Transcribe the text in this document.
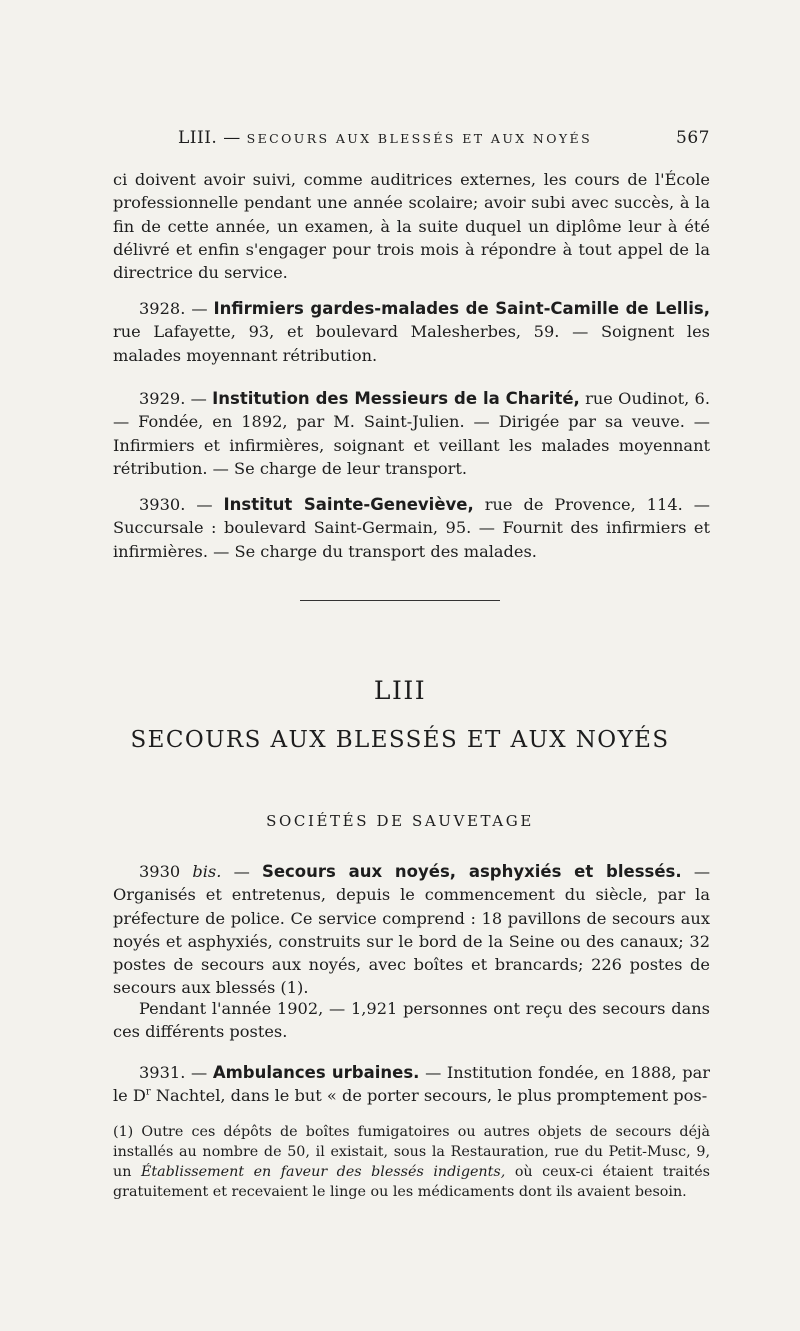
LIII. — SECOURS AUX BLESSÉS ET AUX NOYÉS	567

ci doivent avoir suivi, comme auditrices externes, les cours de l'École professionnelle pendant une année scolaire; avoir subi avec succès, à la fin de cette année, un examen, à la suite duquel un diplôme leur à été délivré et enfin s'engager pour trois mois à répondre à tout appel de la directrice du service.

3928. — Infirmiers gardes-malades de Saint-Camille de Lellis, rue Lafayette, 93, et boulevard Malesherbes, 59. — Soignent les malades moyennant rétribution.

3929. — Institution des Messieurs de la Charité, rue Oudinot, 6. — Fondée, en 1892, par M. Saint-Julien. — Dirigée par sa veuve. — Infirmiers et infirmières, soignant et veillant les malades moyennant rétribution. — Se charge de leur transport.

3930. — Institut Sainte-Geneviève, rue de Provence, 114. — Succursale : boulevard Saint-Germain, 95. — Fournit des infirmiers et infirmières. — Se charge du transport des malades.

LIII
SECOURS AUX BLESSÉS ET AUX NOYÉS
SOCIÉTÉS DE SAUVETAGE

3930 bis. — Secours aux noyés, asphyxiés et blessés. — Organisés et entretenus, depuis le commencement du siècle, par la préfecture de police. Ce service comprend : 18 pavillons de secours aux noyés et asphyxiés, construits sur le bord de la Seine ou des canaux; 32 postes de secours aux noyés, avec boîtes et brancards; 226 postes de secours aux blessés (1).

Pendant l'année 1902, — 1,921 personnes ont reçu des secours dans ces différents postes.

3931. — Ambulances urbaines. — Institution fondée, en 1888, par le $D^r$ Nachtel, dans le but « de porter secours, le plus promptement pos-

(1) Outre ces dépôts de boîtes fumigatoires ou autres objets de secours déjà installés au nombre de 50, il existait, sous la Restauration, rue du Petit-Musc, 9, un Établissement en faveur des blessés indigents, où ceux-ci étaient traités gratuitement et recevaient le linge ou les médicaments dont ils avaient besoin.
